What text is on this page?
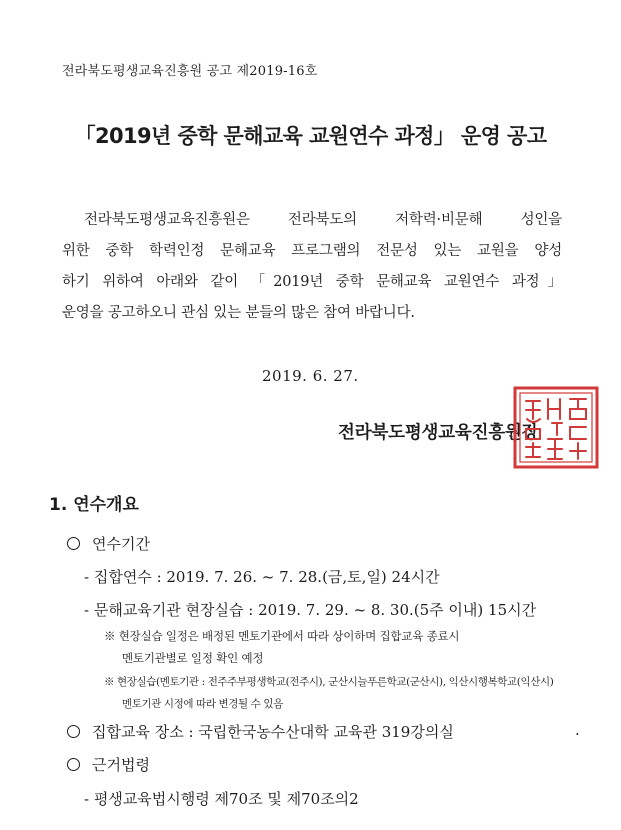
전라북도평생교육진흥원 공고 제2019-16호
「2019년 중학 문해교육 교원연수 과정」 운영 공고
전라북도평생교육진흥원은 전라북도의 저학력·비문해 성인을
위한 중학 학력인정 문해교육 프로그램의 전문성 있는 교원을 양성
하기 위하여 아래와 같이 「2019년 중학 문해교육 교원연수 과정」
운영을 공고하오니 관심 있는 분들의 많은 참여 바랍니다.
2019. 6. 27.
전라북도평생교육진흥원장
1. 연수개요
연수기간
- 집합연수 : 2019. 7. 26. ~ 7. 28.(금,토,일) 24시간
- 문해교육기관 현장실습 : 2019. 7. 29. ~ 8. 30.(5주 이내) 15시간
※ 현장실습 일정은 배정된 멘토기관에서 따라 상이하며 집합교육 종료시
멘토기관별로 일정 확인 예정
※ 현장실습(멘토기관 : 전주주부평생학교(전주시), 군산시늘푸른학교(군산시), 익산시행복학교(익산시)
멘토기관 시정에 따라 변경될 수 있음
집합교육 장소 : 국립한국농수산대학 교육관 319강의실	.
근거법령
- 평생교육법시행령 제70조 및 제70조의2
